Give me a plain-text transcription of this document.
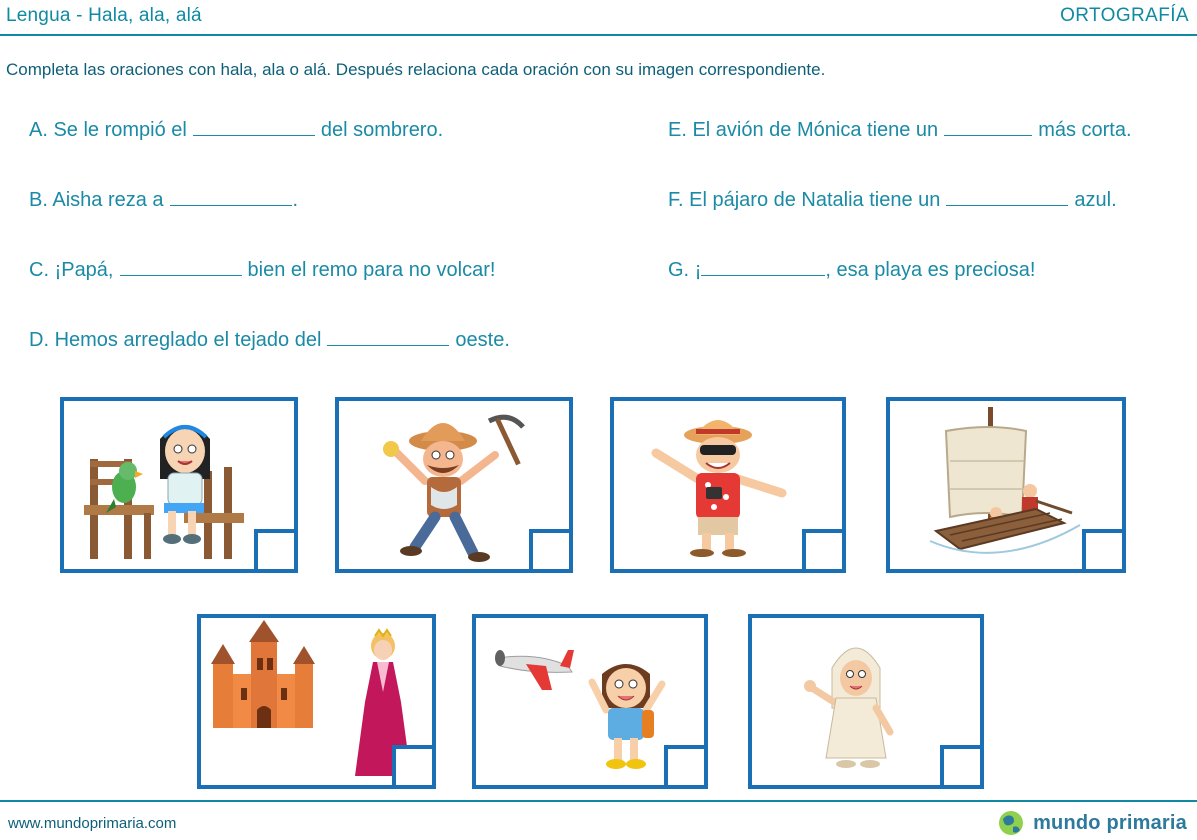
Lengua - Hala, ala, alá	ORTOGRAFÍA
Completa las oraciones con hala, ala o alá. Después relaciona cada oración con su imagen correspondiente.
A. Se le rompió el	del sombrero.
B. Aisha reza a	.
C. ¡Papá,	bien el remo para no volcar!
D. Hemos arreglado el tejado del	oeste.
E. El avión de Mónica tiene un	más corta.
F. El pájaro de Natalia tiene un	azul.
G. ¡	, esa playa es preciosa!
www.mundoprimaria.com	mundo primaria
